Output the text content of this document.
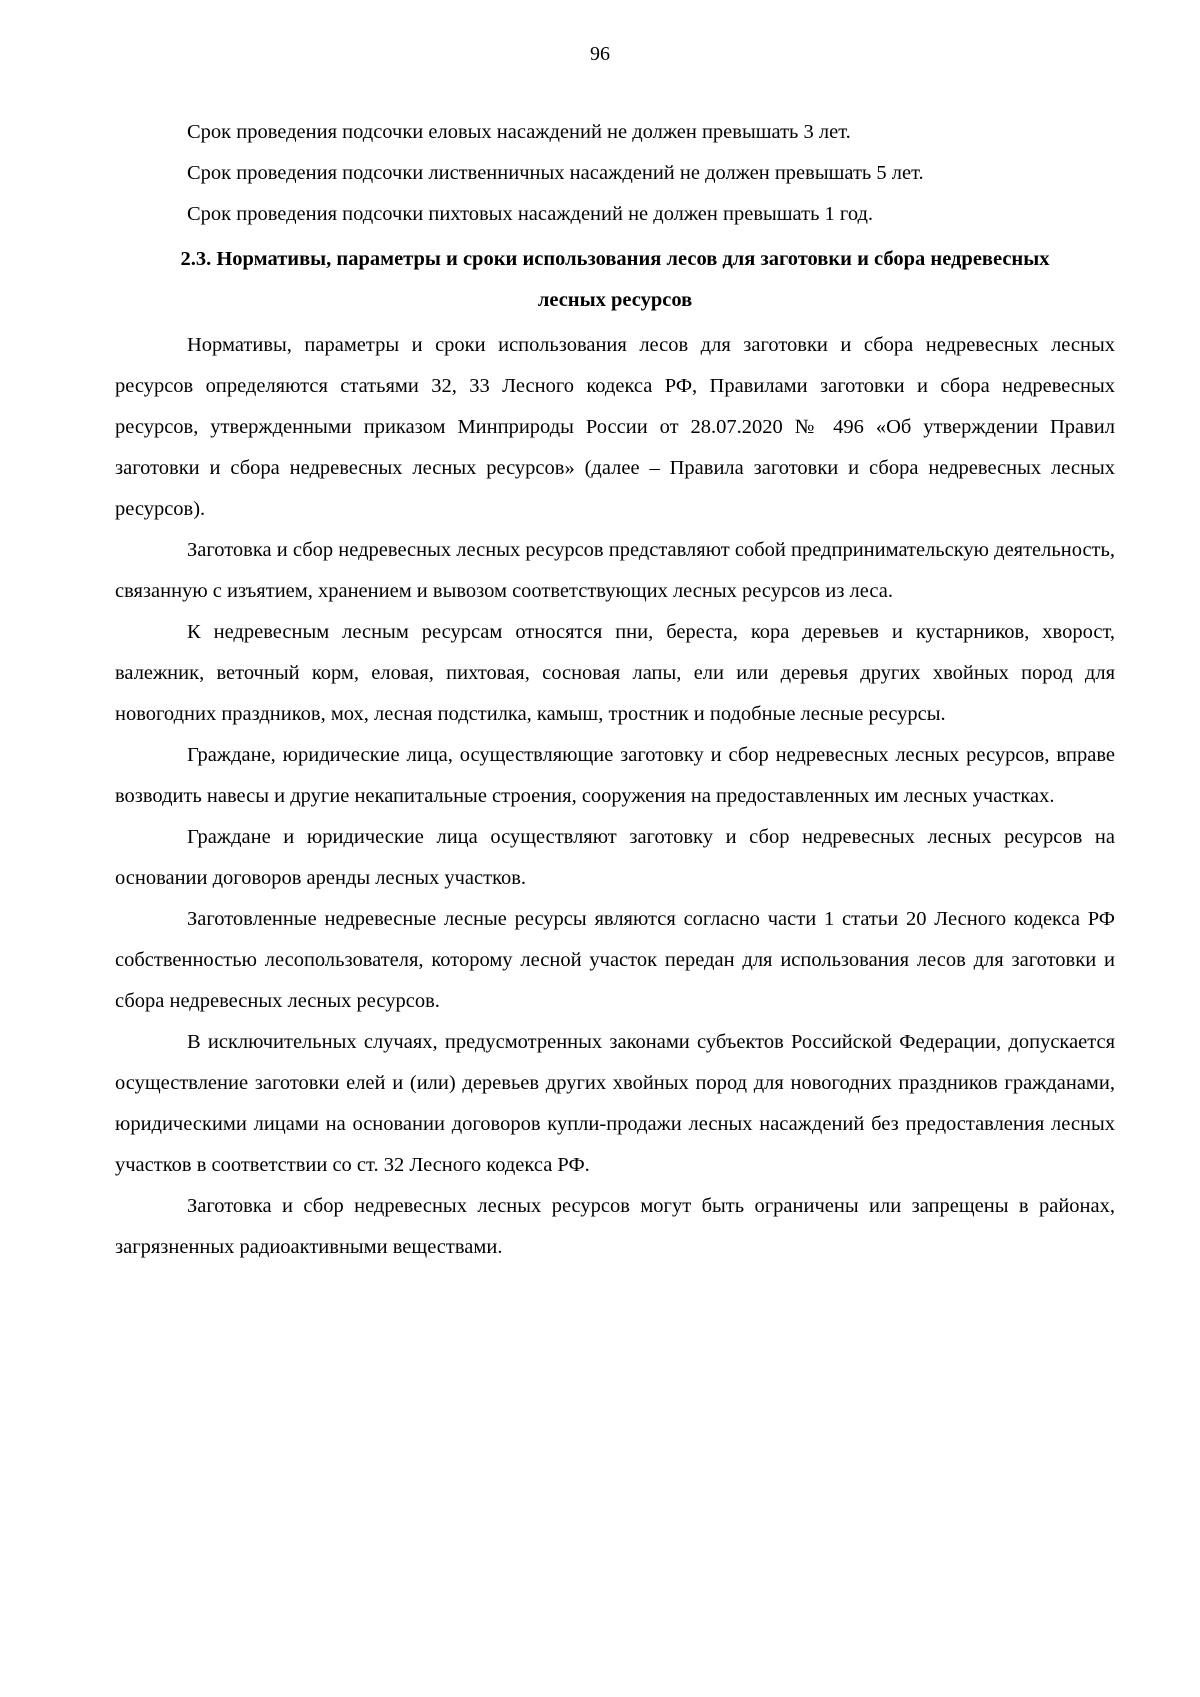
96

Срок проведения подсочки еловых насаждений не должен превышать 3 лет.

Срок проведения подсочки лиственничных насаждений не должен превышать 5 лет.

Срок проведения подсочки пихтовых насаждений не должен превышать 1 год.

2.3. Нормативы, параметры и сроки использования лесов для заготовки и сбора недревесных лесных ресурсов

Нормативы, параметры и сроки использования лесов для заготовки и сбора недревесных лесных ресурсов определяются статьями 32, 33 Лесного кодекса РФ, Правилами заготовки и сбора недревесных ресурсов, утвержденными приказом Минприроды России от 28.07.2020 № 496 «Об утверждении Правил заготовки и сбора недревесных лесных ресурсов» (далее – Правила заготовки и сбора недревесных лесных ресурсов).

Заготовка и сбор недревесных лесных ресурсов представляют собой предпринимательскую деятельность, связанную с изъятием, хранением и вывозом соответствующих лесных ресурсов из леса.

К недревесным лесным ресурсам относятся пни, береста, кора деревьев и кустарников, хворост, валежник, веточный корм, еловая, пихтовая, сосновая лапы, ели или деревья других хвойных пород для новогодних праздников, мох, лесная подстилка, камыш, тростник и подобные лесные ресурсы.

Граждане, юридические лица, осуществляющие заготовку и сбор недревесных лесных ресурсов, вправе возводить навесы и другие некапитальные строения, сооружения на предоставленных им лесных участках.

Граждане и юридические лица осуществляют заготовку и сбор недревесных лесных ресурсов на основании договоров аренды лесных участков.

Заготовленные недревесные лесные ресурсы являются согласно части 1 статьи 20 Лесного кодекса РФ собственностью лесопользователя, которому лесной участок передан для использования лесов для заготовки и сбора недревесных лесных ресурсов.

В исключительных случаях, предусмотренных законами субъектов Российской Федерации, допускается осуществление заготовки елей и (или) деревьев других хвойных пород для новогодних праздников гражданами, юридическими лицами на основании договоров купли-продажи лесных насаждений без предоставления лесных участков в соответствии со ст. 32 Лесного кодекса РФ.

Заготовка и сбор недревесных лесных ресурсов могут быть ограничены или запрещены в районах, загрязненных радиоактивными веществами.
